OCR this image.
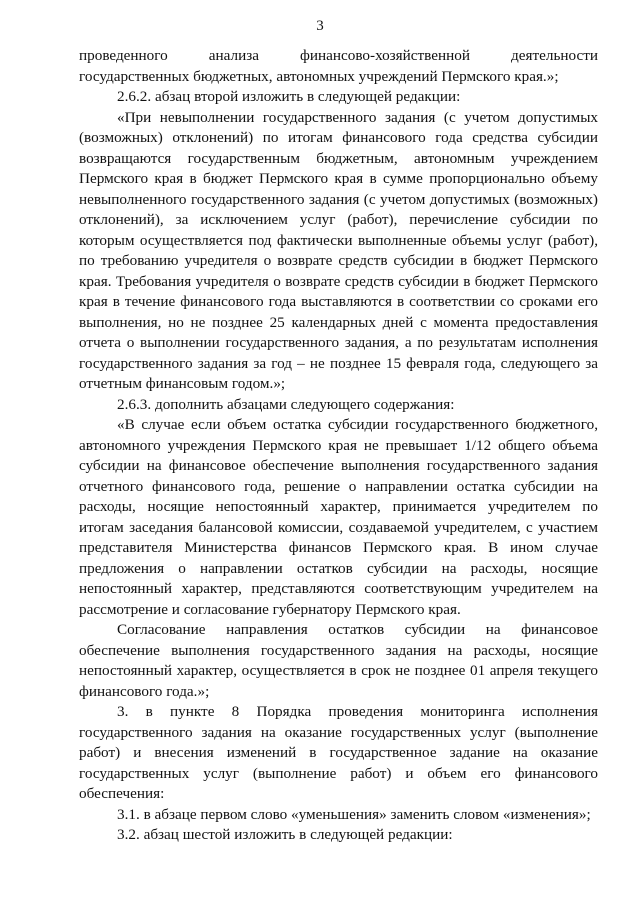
3

проведенного анализа финансово-хозяйственной деятельности государственных бюджетных, автономных учреждений Пермского края.»;

2.6.2. абзац второй изложить в следующей редакции:

«При невыполнении государственного задания (с учетом допустимых (возможных) отклонений) по итогам финансового года средства субсидии возвращаются государственным бюджетным, автономным учреждением Пермского края в бюджет Пермского края в сумме пропорционально объему невыполненного государственного задания (с учетом допустимых (возможных) отклонений), за исключением услуг (работ), перечисление субсидии по которым осуществляется под фактически выполненные объемы услуг (работ), по требованию учредителя о возврате средств субсидии в бюджет Пермского края. Требования учредителя о возврате средств субсидии в бюджет Пермского края в течение финансового года выставляются в соответствии со сроками его выполнения, но не позднее 25 календарных дней с момента предоставления отчета о выполнении государственного задания, а по результатам исполнения государственного задания за год – не позднее 15 февраля года, следующего за отчетным финансовым годом.»;

2.6.3. дополнить абзацами следующего содержания:

«В случае если объем остатка субсидии государственного бюджетного, автономного учреждения Пермского края не превышает 1/12 общего объема субсидии на финансовое обеспечение выполнения государственного задания отчетного финансового года, решение о направлении остатка субсидии на расходы, носящие непостоянный характер, принимается учредителем по итогам заседания балансовой комиссии, создаваемой учредителем, с участием представителя Министерства финансов Пермского края. В ином случае предложения о направлении остатков субсидии на расходы, носящие непостоянный характер, представляются соответствующим учредителем на рассмотрение и согласование губернатору Пермского края.

Согласование направления остатков субсидии на финансовое обеспечение выполнения государственного задания на расходы, носящие непостоянный характер, осуществляется в срок не позднее 01 апреля текущего финансового года.»;

3. в пункте 8 Порядка проведения мониторинга исполнения государственного задания на оказание государственных услуг (выполнение работ) и внесения изменений в государственное задание на оказание государственных услуг (выполнение работ) и объем его финансового обеспечения:

3.1. в абзаце первом слово «уменьшения» заменить словом «изменения»;

3.2. абзац шестой изложить в следующей редакции:
